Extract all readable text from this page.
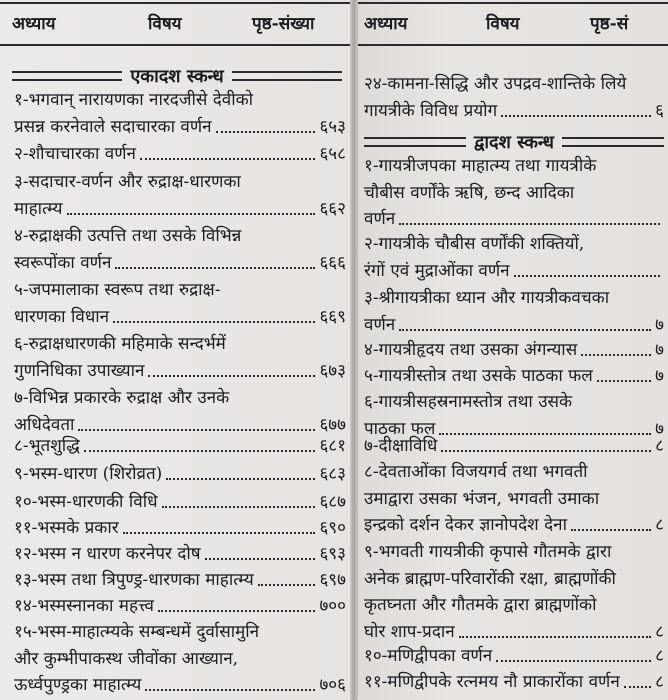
अध्याय	विषय	पृष्ठ-संख्या	अध्याय	विषय	पृष्ठ-सं
एकादश स्कन्ध
द्वादश स्कन्ध
१-भगवान् नारायणका नारदजीसे देवीको
प्रसन्न करनेवाले सदाचारका वर्णन	६५३
२-शौचाचारका वर्णन	६५८
३-सदाचार-वर्णन और रुद्राक्ष-धारणका
माहात्म्य	६६२
४-रुद्राक्षकी उत्पत्ति तथा उसके विभिन्न
स्वरूपोंका वर्णन	६६६
५-जपमालाका स्वरूप तथा रुद्राक्ष-
धारणका विधान	६६९
६-रुद्राक्षधारणकी महिमाके सन्दर्भमें
गुणनिधिका उपाख्यान	६७३
७-विभिन्न प्रकारके रुद्राक्ष और उनके
अधिदेवता	६७७
८-भूतशुद्धि	६८१
९-भस्म-धारण (शिरोव्रत)	६८३
१०-भस्म-धारणकी विधि	६८७
११-भस्मके प्रकार	६९०
१२-भस्म न धारण करनेपर दोष	६९३
१३-भस्म तथा त्रिपुण्ड्र-धारणका माहात्म्य	६९७
१४-भस्मस्नानका महत्त्व	७००
१५-भस्म-माहात्म्यके सम्बन्धमें दुर्वासामुनि
और कुम्भीपाकस्थ जीवोंका आख्यान,
ऊर्ध्वपुण्ड्रका माहात्म्य	७०६
२४-कामना-सिद्धि और उपद्रव-शान्तिके लिये
गायत्रीके विविध प्रयोग	६
१-गायत्रीजपका माहात्म्य तथा गायत्रीके
चौबीस वर्णोंके ऋषि, छन्द आदिका
वर्णन
२-गायत्रीके चौबीस वर्णोंकी शक्तियों,
रंगों एवं मुद्राओंका वर्णन
३-श्रीगायत्रीका ध्यान और गायत्रीकवचका
वर्णन	७
४-गायत्रीहृदय तथा उसका अंगन्यास	७
५-गायत्रीस्तोत्र तथा उसके पाठका फल	७
६-गायत्रीसहस्रनामस्तोत्र तथा उसके
पाठका फल	७
७-दीक्षाविधि	८
८-देवताओंका विजयगर्व तथा भगवती
उमाद्वारा उसका भंजन, भगवती उमाका
इन्द्रको दर्शन देकर ज्ञानोपदेश देना	८
९-भगवती गायत्रीकी कृपासे गौतमके द्वारा
अनेक ब्राह्मण-परिवारोंकी रक्षा, ब्राह्मणोंकी
कृतघ्नता और गौतमके द्वारा ब्राह्मणोंको
घोर शाप-प्रदान	८
१०-मणिद्वीपका वर्णन	८
११-मणिद्वीपके रत्नमय नौ प्राकारोंका वर्णन ८
